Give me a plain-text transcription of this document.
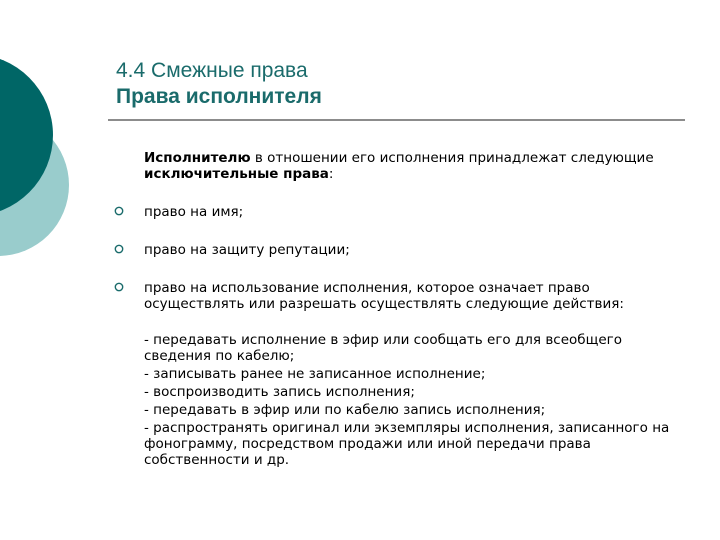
4.4 Смежные права
Права исполнителя

Исполнителю в отношении его исполнения принадлежат следующие исключительные права:

право на имя;
право на защиту репутации;
право на использование исполнения, которое означает право осуществлять или разрешать осуществлять следующие действия:
- передавать исполнение в эфир или сообщать его для всеобщего сведения по кабелю;
- записывать ранее не записанное исполнение;
- воспроизводить запись исполнения;
- передавать в эфир или по кабелю запись исполнения;
- распространять оригинал или экземпляры исполнения, записанного на фонограмму, посредством продажи или иной передачи права собственности и др.
